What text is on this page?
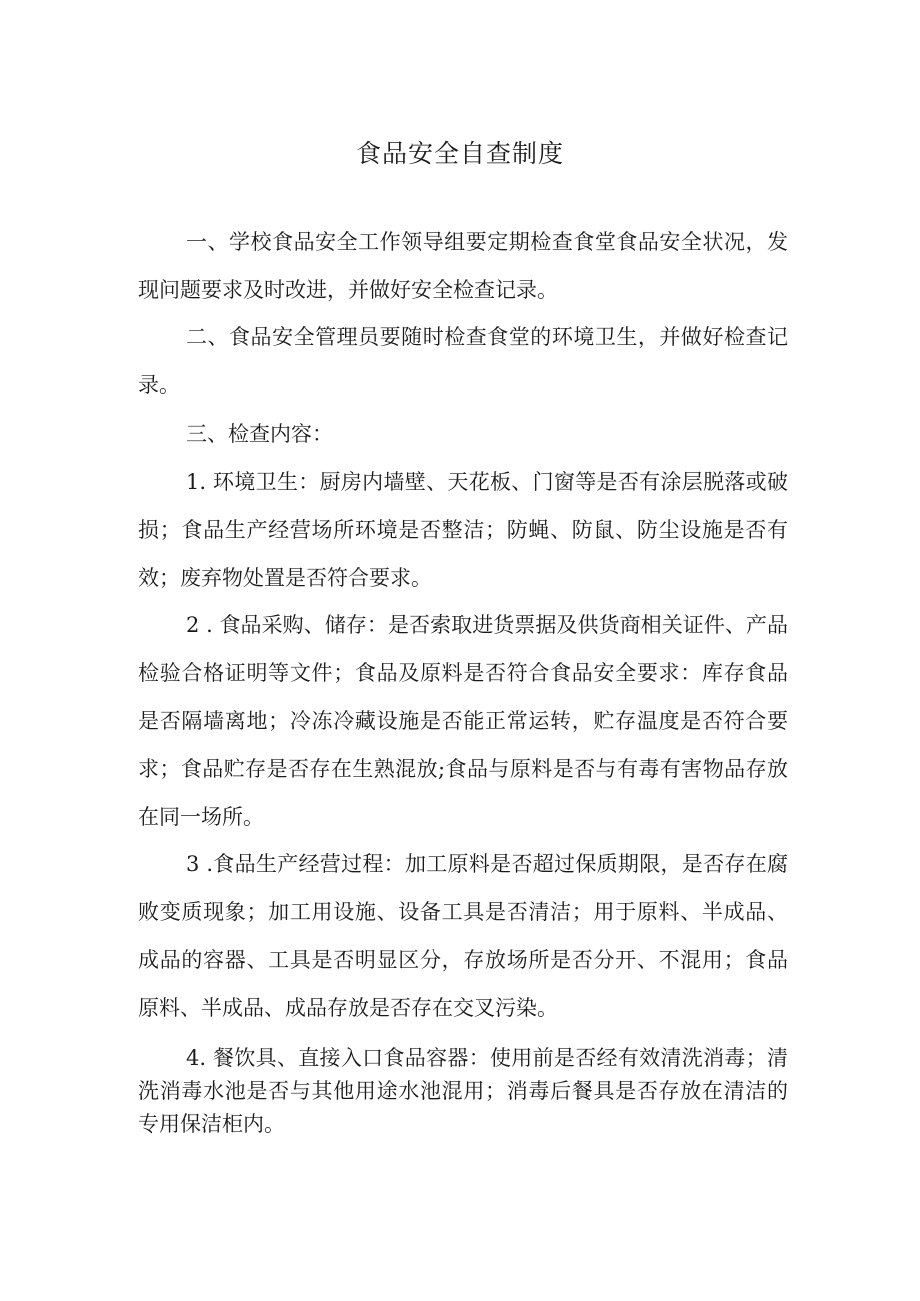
食品安全自查制度

一、学校食品安全工作领导组要定期检查食堂食品安全状况，发现问题要求及时改进，并做好安全检查记录。

二、食品安全管理员要随时检查食堂的环境卫生，并做好检查记录。

三、检查内容：

1. 环境卫生：厨房内墙壁、天花板、门窗等是否有涂层脱落或破损；食品生产经营场所环境是否整洁；防蝇、防鼠、防尘设施是否有效；废弃物处置是否符合要求。

2 . 食品采购、储存：是否索取进货票据及供货商相关证件、产品检验合格证明等文件；食品及原料是否符合食品安全要求：库存食品是否隔墙离地；冷冻冷藏设施是否能正常运转，贮存温度是否符合要求；食品贮存是否存在生熟混放;食品与原料是否与有毒有害物品存放在同一场所。

3 .食品生产经营过程：加工原料是否超过保质期限，是否存在腐败变质现象；加工用设施、设备工具是否清洁；用于原料、半成品、成品的容器、工具是否明显区分，存放场所是否分开、不混用；食品原料、半成品、成品存放是否存在交叉污染。

4. 餐饮具、直接入口食品容器：使用前是否经有效清洗消毒；清洗消毒水池是否与其他用途水池混用；消毒后餐具是否存放在清洁的专用保洁柜内。
